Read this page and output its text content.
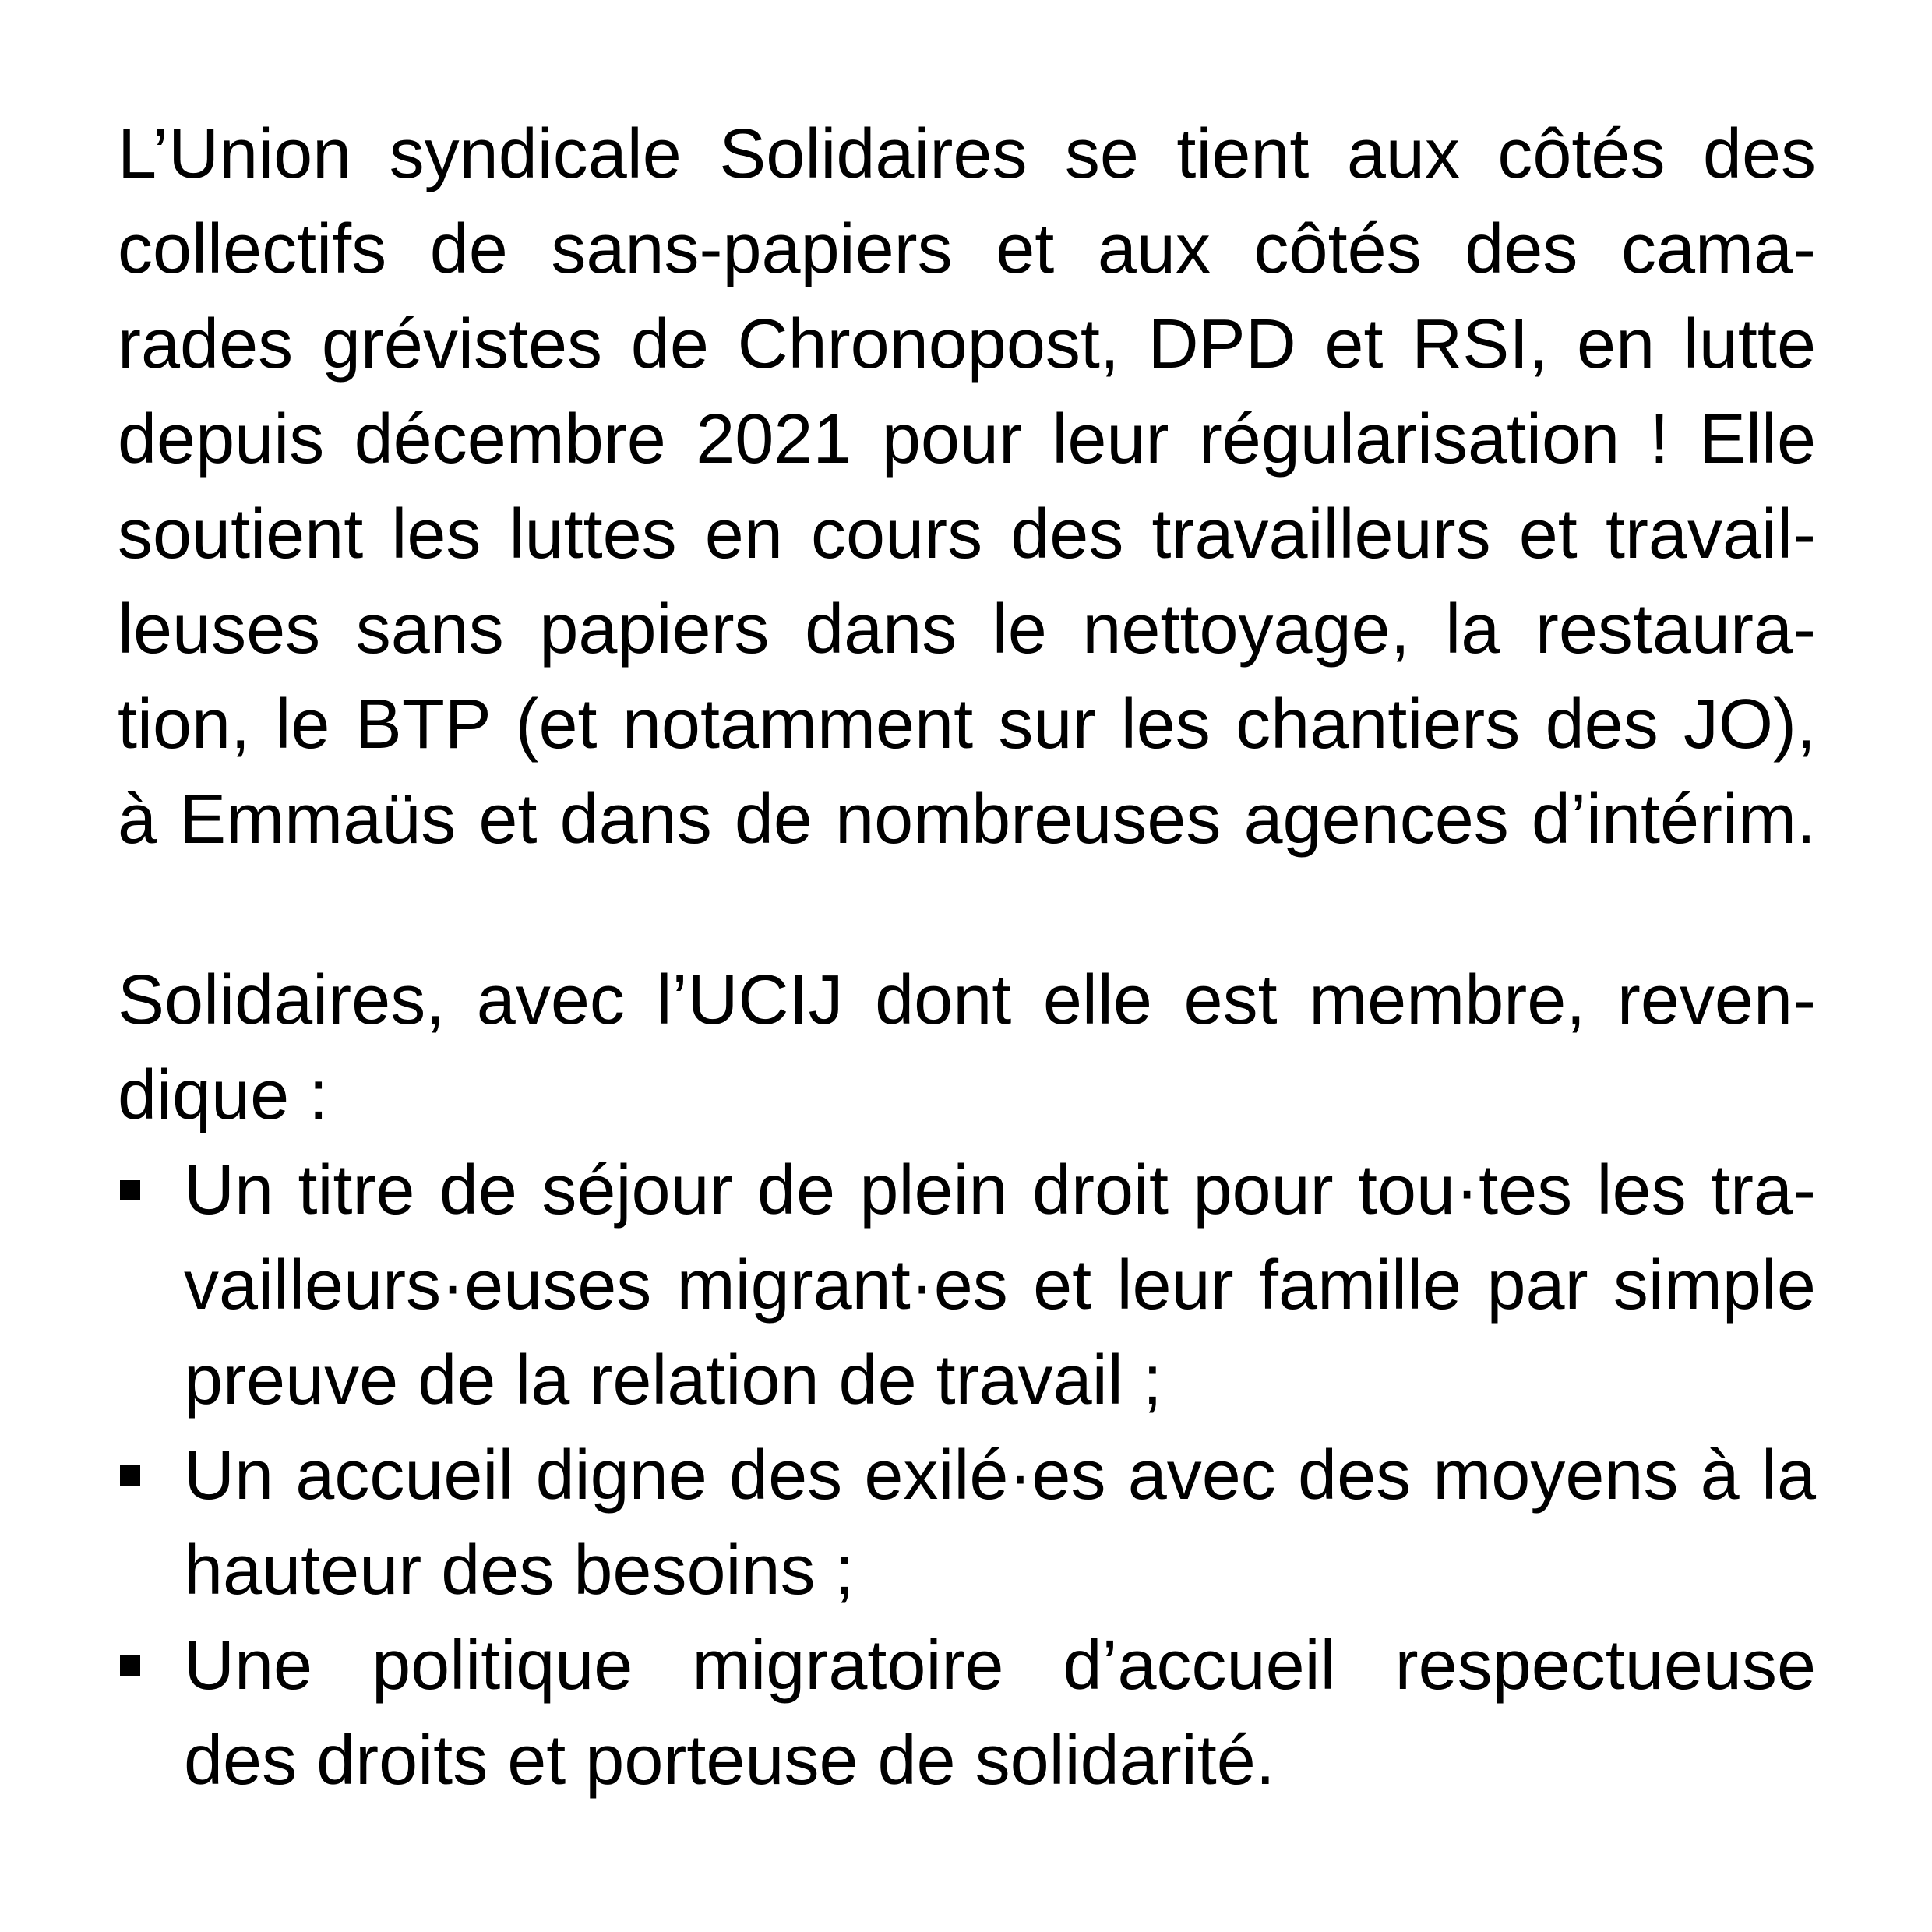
L’Union syndicale Solidaires se tient aux côtés des
collectifs de sans-papiers et aux côtés des cama-
rades grévistes de Chronopost, DPD et RSI, en lutte
depuis décembre 2021 pour leur régularisation ! Elle
soutient les luttes en cours des travailleurs et travail-
leuses sans papiers dans le nettoyage, la restaura-
tion, le BTP (et notamment sur les chantiers des JO),
à Emmaüs et dans de nombreuses agences d’intérim.
Solidaires, avec l’UCIJ dont elle est membre, reven-
dique :
Un titre de séjour de plein droit pour tou·tes les tra-
vailleurs·euses migrant·es et leur famille par simple
preuve de la relation de travail ;
Un accueil digne des exilé·es avec des moyens à la
hauteur des besoins ;
Une politique migratoire d’accueil respectueuse
des droits et porteuse de solidarité.
